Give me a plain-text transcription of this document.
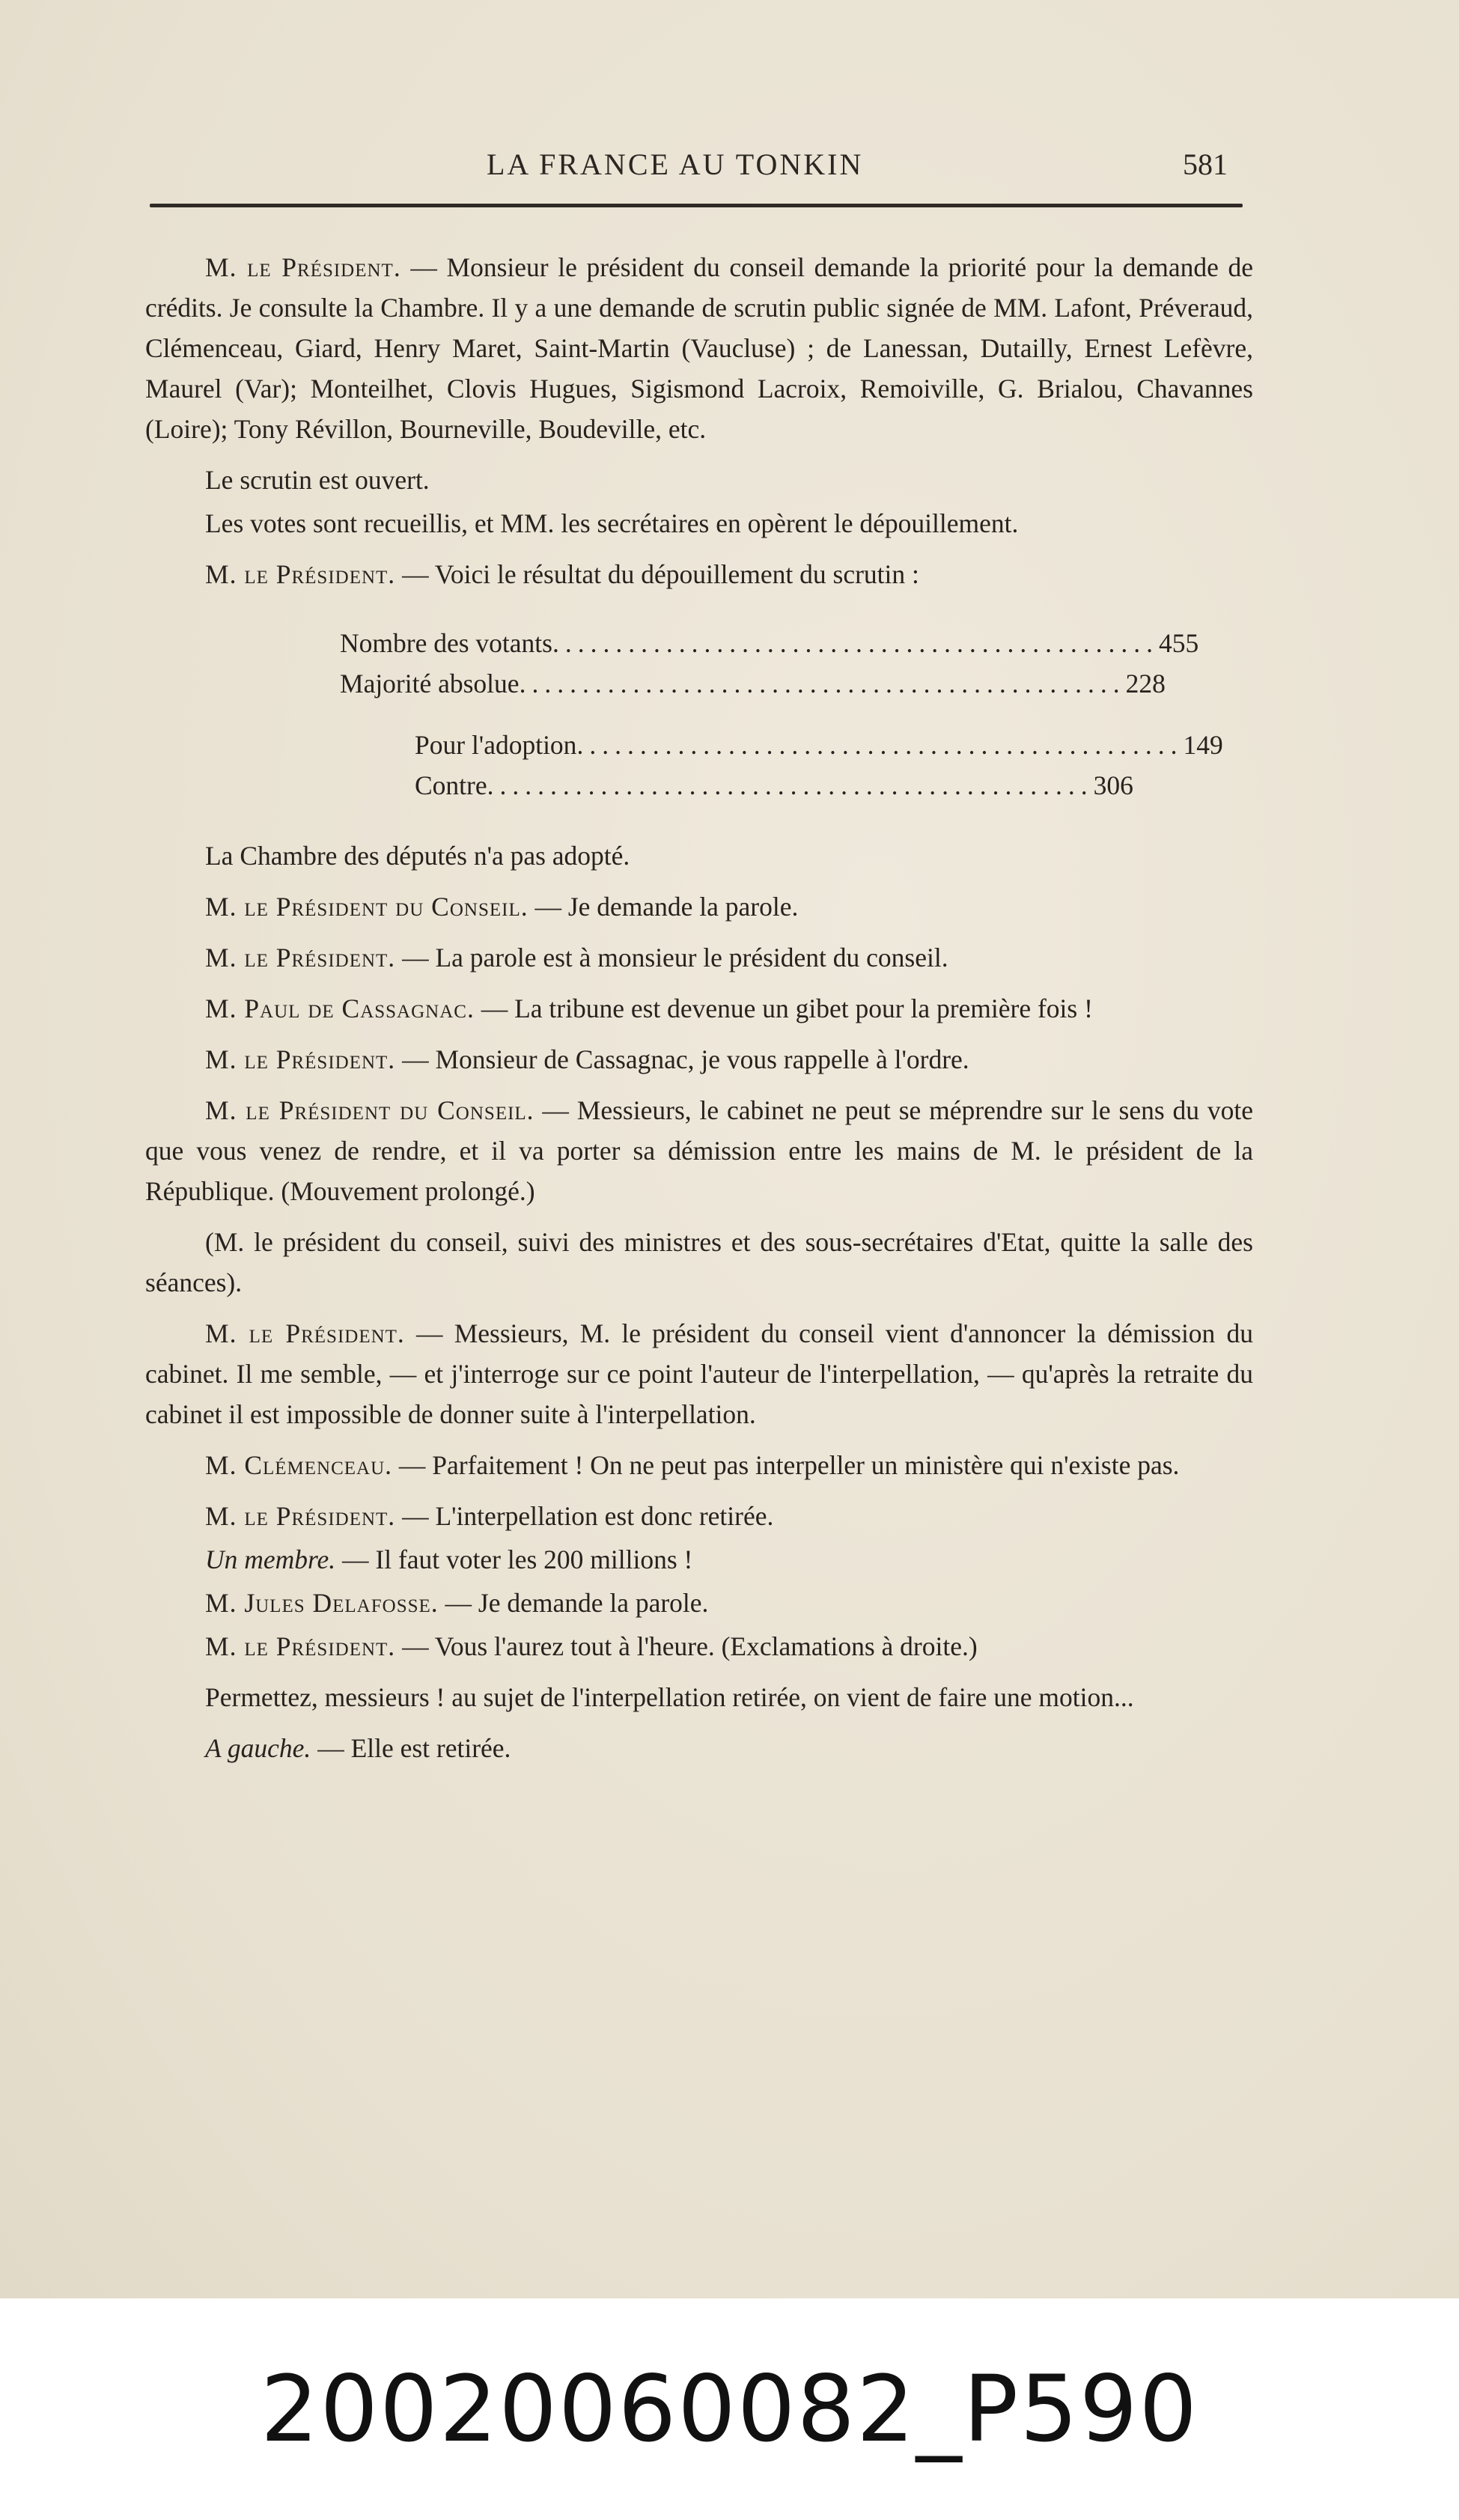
LA FRANCE AU TONKIN	581

M. le Président. — Monsieur le président du conseil demande la priorité pour la demande de crédits. Je consulte la Chambre. Il y a une demande de scrutin public signée de MM. Lafont, Préveraud, Clémenceau, Giard, Henry Maret, Saint-Martin (Vaucluse) ; de Lanessan, Dutailly, Ernest Lefèvre, Maurel (Var); Monteilhet, Clovis Hugues, Sigismond Lacroix, Remoiville, G. Brialou, Chavannes (Loire); Tony Révillon, Bourneville, Boudeville, etc.

Le scrutin est ouvert.

Les votes sont recueillis, et MM. les secrétaires en opèrent le dépouillement.

M. le Président. — Voici le résultat du dépouillement du scrutin :

Nombre des votants ................................................ 455
Majorité absolue ................................................ 228
Pour l'adoption ................................................ 149
Contre ................................................ 306

La Chambre des députés n'a pas adopté.

M. le Président du Conseil. — Je demande la parole.

M. le Président. — La parole est à monsieur le président du conseil.

M. Paul de Cassagnac. — La tribune est devenue un gibet pour la première fois !

M. le Président. — Monsieur de Cassagnac, je vous rappelle à l'ordre.

M. le Président du Conseil. — Messieurs, le cabinet ne peut se méprendre sur le sens du vote que vous venez de rendre, et il va porter sa démission entre les mains de M. le président de la République. (Mouvement prolongé.)

(M. le président du conseil, suivi des ministres et des sous-secrétaires d'Etat, quitte la salle des séances).

M. le Président. — Messieurs, M. le président du conseil vient d'annoncer la démission du cabinet. Il me semble, — et j'interroge sur ce point l'auteur de l'interpellation, — qu'après la retraite du cabinet il est impossible de donner suite à l'interpellation.

M. Clémenceau. — Parfaitement ! On ne peut pas interpeller un ministère qui n'existe pas.

M. le Président. — L'interpellation est donc retirée.

Un membre. — Il faut voter les 200 millions !

M. Jules Delafosse. — Je demande la parole.

M. le Président. — Vous l'aurez tout à l'heure. (Exclamations à droite.)

Permettez, messieurs ! au sujet de l'interpellation retirée, on vient de faire une motion...

A gauche. — Elle est retirée.

20020060082_P590
